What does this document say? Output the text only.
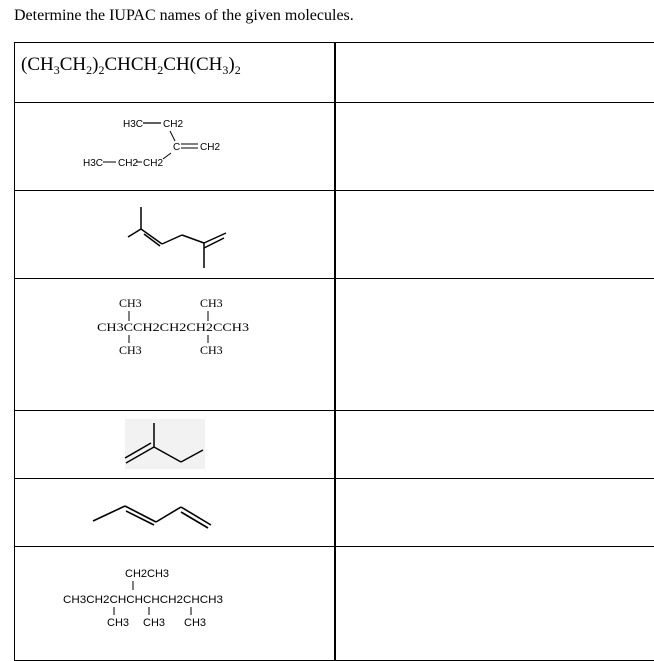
Determine the IUPAC names of the given molecules.
$(CH_3CH_2)_2CHCH_2CH(CH_3)_2$
H3C CH2
C CH2
H3C CH2 CH2
CH3	CH3
CH3CCH2CH2CH2CCH3
CH3	CH3
CH2CH3
CH3CH2CHCHCHCH2CHCH3
CH3 CH3 CH3
